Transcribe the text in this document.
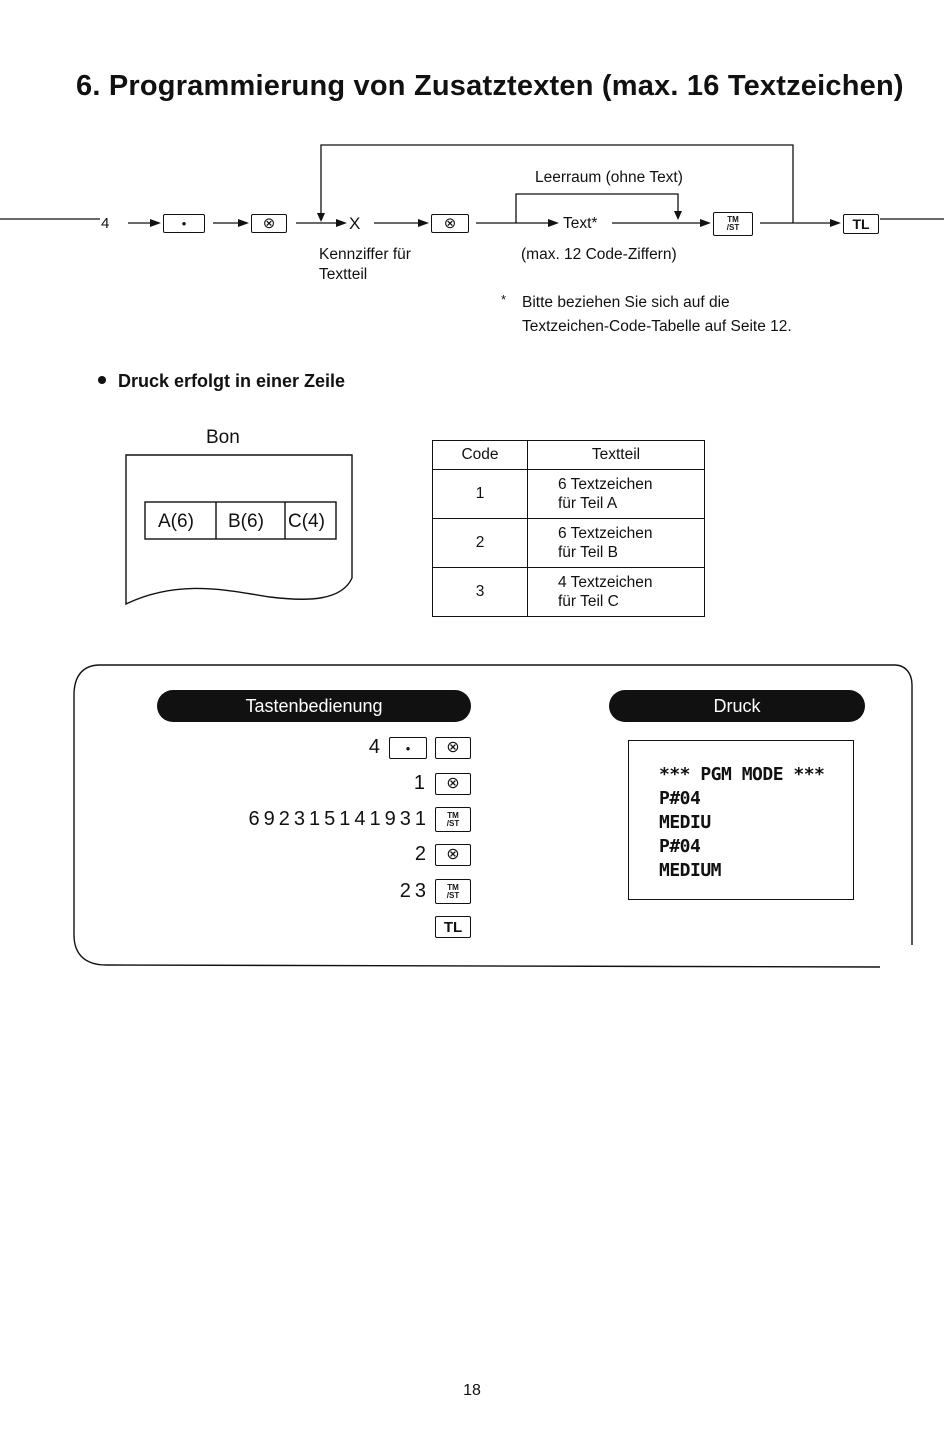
6. Programmierung von Zusatztexten (max. 16 Textzeichen)
4	•	⊗	X	⊗
Leerraum (ohne Text)
Text*	TM
/ST	TL
Kennziffer für
Textteil
(max. 12 Code-Ziffern)
* Bitte beziehen Sie sich auf die
Textzeichen-Code-Tabelle auf Seite 12.
Druck erfolgt in einer Zeile
Bon
A(6) B(6) C(4)
Code	Textteil
1	6 Textzeichen
für Teil A
2	6 Textzeichen
für Teil B
3	4 Textzeichen
für Teil C
Tastenbedienung	Druck
4 • ⊗
1 ⊗
692315141931 TM
/ST
2 ⊗
23 TM
/ST
TL
*** PGM MODE ***
P#04
MEDIU
P#04
MEDIUM
18
